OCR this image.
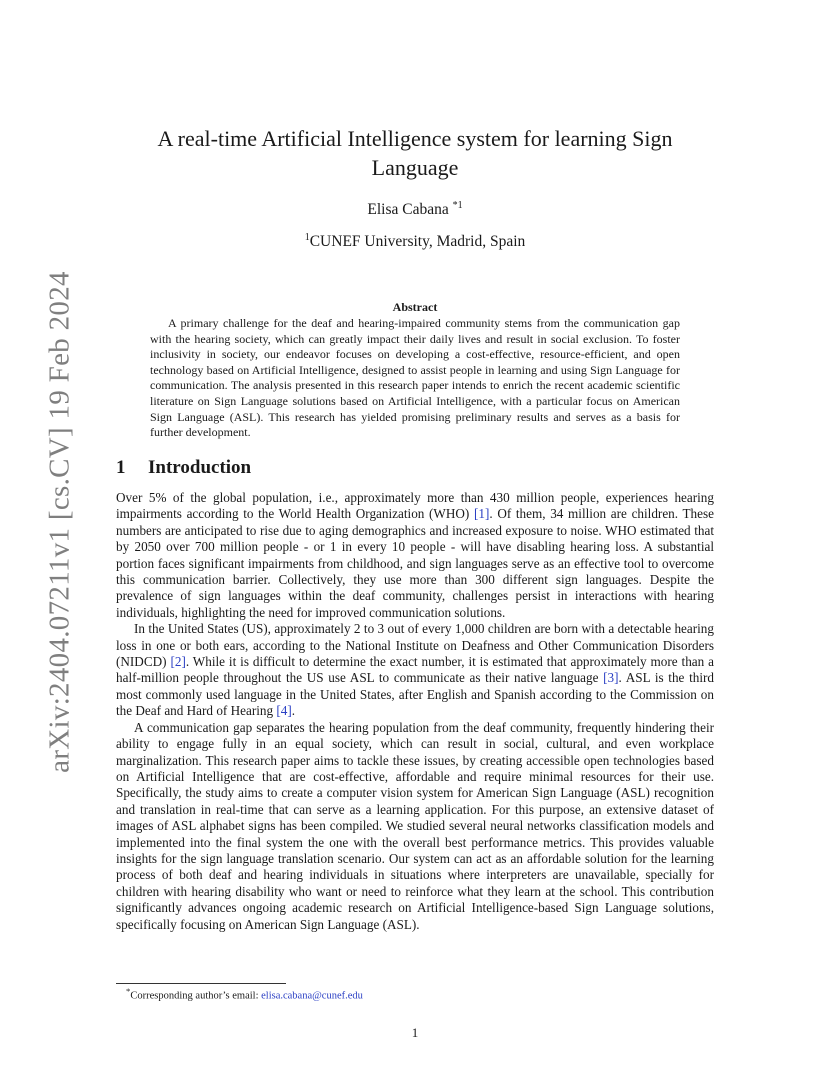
arXiv:2404.07211v1 [cs.CV] 19 Feb 2024
A real-time Artificial Intelligence system for learning Sign Language
Elisa Cabana $^{*1}$
$^1$CUNEF University, Madrid, Spain
Abstract

A primary challenge for the deaf and hearing-impaired community stems from the communication gap with the hearing society, which can greatly impact their daily lives and result in social exclusion. To foster inclusivity in society, our endeavor focuses on developing a cost-effective, resource-efficient, and open technology based on Artificial Intelligence, designed to assist people in learning and using Sign Language for communication. The analysis presented in this research paper intends to enrich the recent academic scientific literature on Sign Language solutions based on Artificial Intelligence, with a particular focus on American Sign Language (ASL). This research has yielded promising preliminary results and serves as a basis for further development.

1 Introduction

Over 5% of the global population, i.e., approximately more than 430 million people, experiences hearing impairments according to the World Health Organization (WHO) [1]. Of them, 34 million are children. These numbers are anticipated to rise due to aging demographics and increased exposure to noise. WHO estimated that by 2050 over 700 million people - or 1 in every 10 people - will have disabling hearing loss. A substantial portion faces significant impairments from childhood, and sign languages serve as an effective tool to overcome this communication barrier. Collectively, they use more than 300 different sign languages. Despite the prevalence of sign languages within the deaf community, challenges persist in interactions with hearing individuals, highlighting the need for improved communication solutions.

In the United States (US), approximately 2 to 3 out of every 1,000 children are born with a detectable hearing loss in one or both ears, according to the National Institute on Deafness and Other Communication Disorders (NIDCD) [2]. While it is difficult to determine the exact number, it is estimated that approximately more than a half-million people throughout the US use ASL to communicate as their native language [3]. ASL is the third most commonly used language in the United States, after English and Spanish according to the Commission on the Deaf and Hard of Hearing [4].

A communication gap separates the hearing population from the deaf community, frequently hindering their ability to engage fully in an equal society, which can result in social, cultural, and even workplace marginalization. This research paper aims to tackle these issues, by creating accessible open technologies based on Artificial Intelligence that are cost-effective, affordable and require minimal resources for their use. Specifically, the study aims to create a computer vision system for American Sign Language (ASL) recognition and translation in real-time that can serve as a learning application. For this purpose, an extensive dataset of images of ASL alphabet signs has been compiled. We studied several neural networks classification models and implemented into the final system the one with the overall best performance metrics. This provides valuable insights for the sign language translation scenario. Our system can act as an affordable solution for the learning process of both deaf and hearing individuals in situations where interpreters are unavailable, specially for children with hearing disability who want or need to reinforce what they learn at the school. This contribution significantly advances ongoing academic research on Artificial Intelligence-based Sign Language solutions, specifically focusing on American Sign Language (ASL).

*Corresponding author’s email: elisa.cabana@cunef.edu
1
